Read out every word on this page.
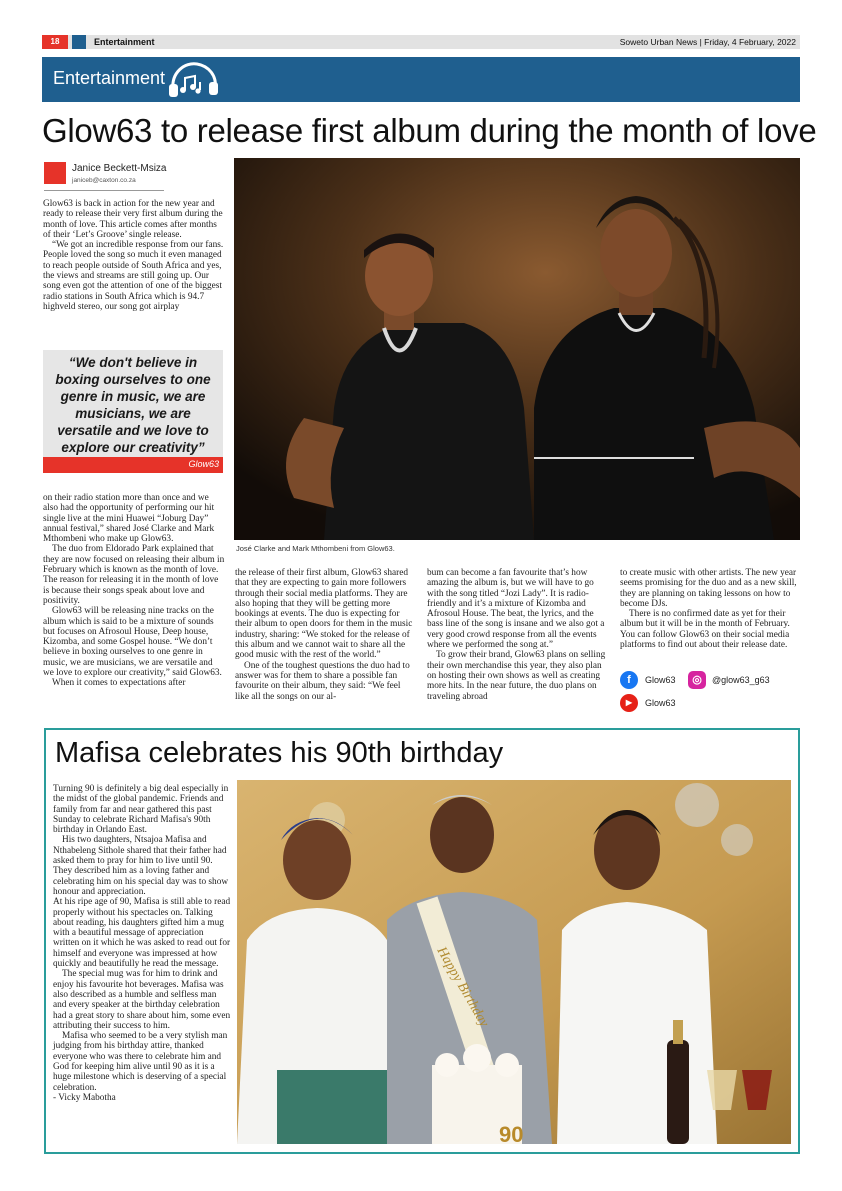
18	Entertainment	Soweto Urban News | Friday, 4 February, 2022
Entertainment
Glow63 to release first album during the month of love
Janice Beckett-Msiza
janiceb@caxton.co.za

Glow63 is back in action for the new year and ready to release their very first album during the month of love. This article comes after months of their ‘Let’s Groove’ single release.

“We got an incredible response from our fans. People loved the song so much it even managed to reach people outside of South Africa and yes, the views and streams are still going up. Our song even got the attention of one of the biggest radio stations in South Africa which is 94.7 highveld stereo, our song got airplay

“We don't believe in boxing ourselves to one genre in music, we are musicians, we are versatile and we love to explore our creativity”
Glow63

on their radio station more than once and we also had the opportunity of performing our hit single live at the mini Huawei “Joburg Day” annual festival,” shared José Clarke and Mark Mthombeni who make up Glow63.

The duo from Eldorado Park explained that they are now focused on releasing their album in February which is known as the month of love. The reason for releasing it in the month of love is because their songs speak about love and positivity.

Glow63 will be releasing nine tracks on the album which is said to be a mixture of sounds but focuses on Afrosoul House, Deep house, Kizomba, and some Gospel house. “We don’t believe in boxing ourselves to one genre in music, we are musicians, we are versatile and we love to explore our creativity,” said Glow63.

When it comes to expectations after

José Clarke and Mark Mthombeni from Glow63.

the release of their first album, Glow63 shared that they are expecting to gain more followers through their social media platforms. They are also hoping that they will be getting more bookings at events. The duo is expecting for their album to open doors for them in the music industry, sharing: “We stoked for the release of this album and we cannot wait to share all the good music with the rest of the world.”

One of the toughest questions the duo had to answer was for them to share a possible fan favourite on their album, they said: “We feel like all the songs on our al-

bum can become a fan favourite that’s how amazing the album is, but we will have to go with the song titled “Jozi Lady”. It is radio-friendly and it’s a mixture of Kizomba and Afrosoul House. The beat, the lyrics, and the bass line of the song is insane and we also got a very good crowd response from all the events where we performed the song at.”

To grow their brand, Glow63 plans on selling their own merchandise this year, they also plan on hosting their own shows as well as creating more hits. In the near future, the duo plans on traveling abroad

to create music with other artists. The new year seems promising for the duo and as a new skill, they are planning on taking lessons on how to become DJs.

There is no confirmed date as yet for their album but it will be in the month of February. You can follow Glow63 on their social media platforms to find out about their release date.

f	Glow63	◎	@glow63_g63
▶	Glow63
Mafisa celebrates his 90th birthday

Turning 90 is definitely a big deal especially in the midst of the global pandemic. Friends and family from far and near gathered this past Sunday to celebrate Richard Mafisa's 90th birthday in Orlando East.

His two daughters, Ntsajoa Mafisa and Nthabeleng Sithole shared that their father had asked them to pray for him to live until 90. They described him as a loving father and celebrating him on his special day was to show honour and appreciation.

At his ripe age of 90, Mafisa is still able to read properly without his spectacles on. Talking about reading, his daughters gifted him a mug with a beautiful message of appreciation written on it which he was asked to read out for himself and everyone was impressed at how quickly and beautifully he read the message.

The special mug was for him to drink and enjoy his favourite hot beverages. Mafisa was also described as a humble and selfless man and every speaker at the birthday celebration had a great story to share about him, some even attributing their success to him.

Mafisa who seemed to be a very stylish man judging from his birthday attire, thanked everyone who was there to celebrate him and God for keeping him alive until 90 as it is a huge milestone which is deserving of a special celebration.

- Vicky Mabotha

Happy Birthday
90
